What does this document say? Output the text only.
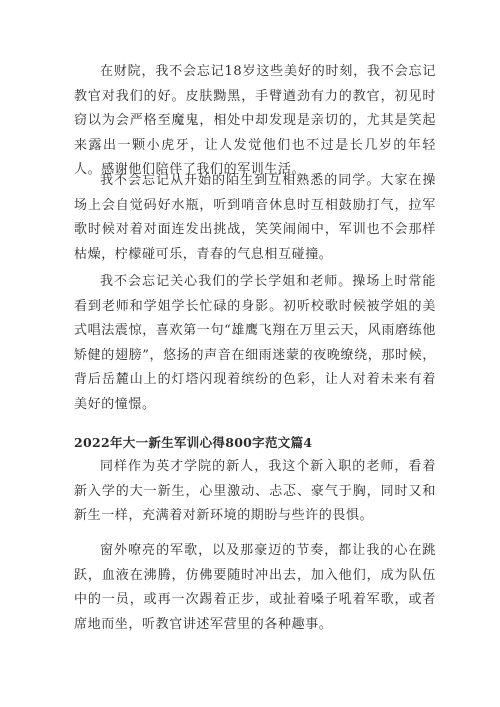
在财院，我不会忘记18岁这些美好的时刻，我不会忘记教官对我们的好。皮肤黝黑，手臂遒劲有力的教官，初见时窃以为会严格至魔鬼，相处中却发现是亲切的，尤其是笑起来露出一颗小虎牙，让人发觉他们也不过是长几岁的年轻人。感谢他们陪伴了我们的军训生活。

我不会忘记从开始的陌生到互相熟悉的同学。大家在操场上会自觉码好水瓶，听到哨音休息时互相鼓励打气，拉军歌时候对着对面连发出挑战，笑笑闹闹中，军训也不会那样枯燥，柠檬碰可乐，青春的气息相互碰撞。

我不会忘记关心我们的学长学姐和老师。操场上时常能看到老师和学姐学长忙碌的身影。初听校歌时候被学姐的美式唱法震惊，喜欢第一句“雄鹰飞翔在万里云天，风雨磨练他矫健的翅膀”，悠扬的声音在细雨迷蒙的夜晚缭绕，那时候，背后岳麓山上的灯塔闪现着缤纷的色彩，让人对着未来有着美好的憧憬。

2022年大一新生军训心得800字范文篇4

同样作为英才学院的新人，我这个新入职的老师，看着新入学的大一新生，心里激动、忐忑、豪气于胸，同时又和新生一样，充满着对新环境的期盼与些许的畏惧。

窗外嘹亮的军歌，以及那豪迈的节奏，都让我的心在跳跃，血液在沸腾，仿佛要随时冲出去，加入他们，成为队伍中的一员，或再一次踢着正步，或扯着嗓子吼着军歌，或者席地而坐，听教官讲述军营里的各种趣事。
